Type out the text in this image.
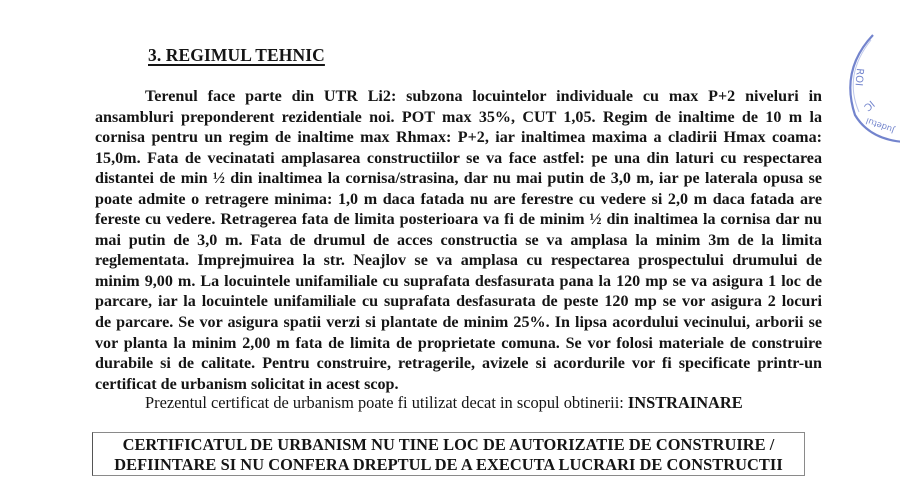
3. REGIMUL TEHNIC
Terenul face parte din UTR Li2: subzona locuintelor individuale cu max P+2 niveluri in
ansambluri preponderent rezidentiale noi. POT max 35%, CUT 1,05. Regim de inaltime de 10 m la
cornisa pentru un regim de inaltime max Rhmax: P+2, iar inaltimea maxima a cladirii Hmax coama:
15,0m. Fata de vecinatati amplasarea constructiilor se va face astfel: pe una din laturi cu respectarea
distantei de min ½ din inaltimea la cornisa/strasina, dar nu mai putin de 3,0 m, iar pe laterala opusa se
poate admite o retragere minima: 1,0 m daca fatada nu are ferestre cu vedere si 2,0 m daca fatada are
fereste cu vedere. Retragerea fata de limita posterioara va fi de minim ½ din inaltimea la cornisa dar nu
mai putin de 3,0 m. Fata de drumul de acces constructia se va amplasa la minim 3m de la limita
reglementata. Imprejmuirea la str. Neajlov se va amplasa cu respectarea prospectului drumului de
minim 9,00 m. La locuintele unifamiliale cu suprafata desfasurata pana la 120 mp se va asigura 1 loc de
parcare, iar la locuintele unifamiliale cu suprafata desfasurata de peste 120 mp se vor asigura 2 locuri
de parcare. Se vor asigura spatii verzi si plantate de minim 25%. In lipsa acordului vecinului, arborii se
vor planta la minim 2,00 m fata de limita de proprietate comuna. Se vor folosi materiale de construire
durabile si de calitate. Pentru construire, retragerile, avizele si acordurile vor fi specificate printr-un
certificat de urbanism solicitat in acest scop.

Prezentul certificat de urbanism poate fi utilizat decat in scopul obtinerii: INSTRAINARE

CERTIFICATUL DE URBANISM NU TINE LOC DE AUTORIZATIE DE CONSTRUIRE /
DEFIINTARE SI NU CONFERA DREPTUL DE A EXECUTA LUCRARI DE CONSTRUCTII
ROI
IC
Judetul
